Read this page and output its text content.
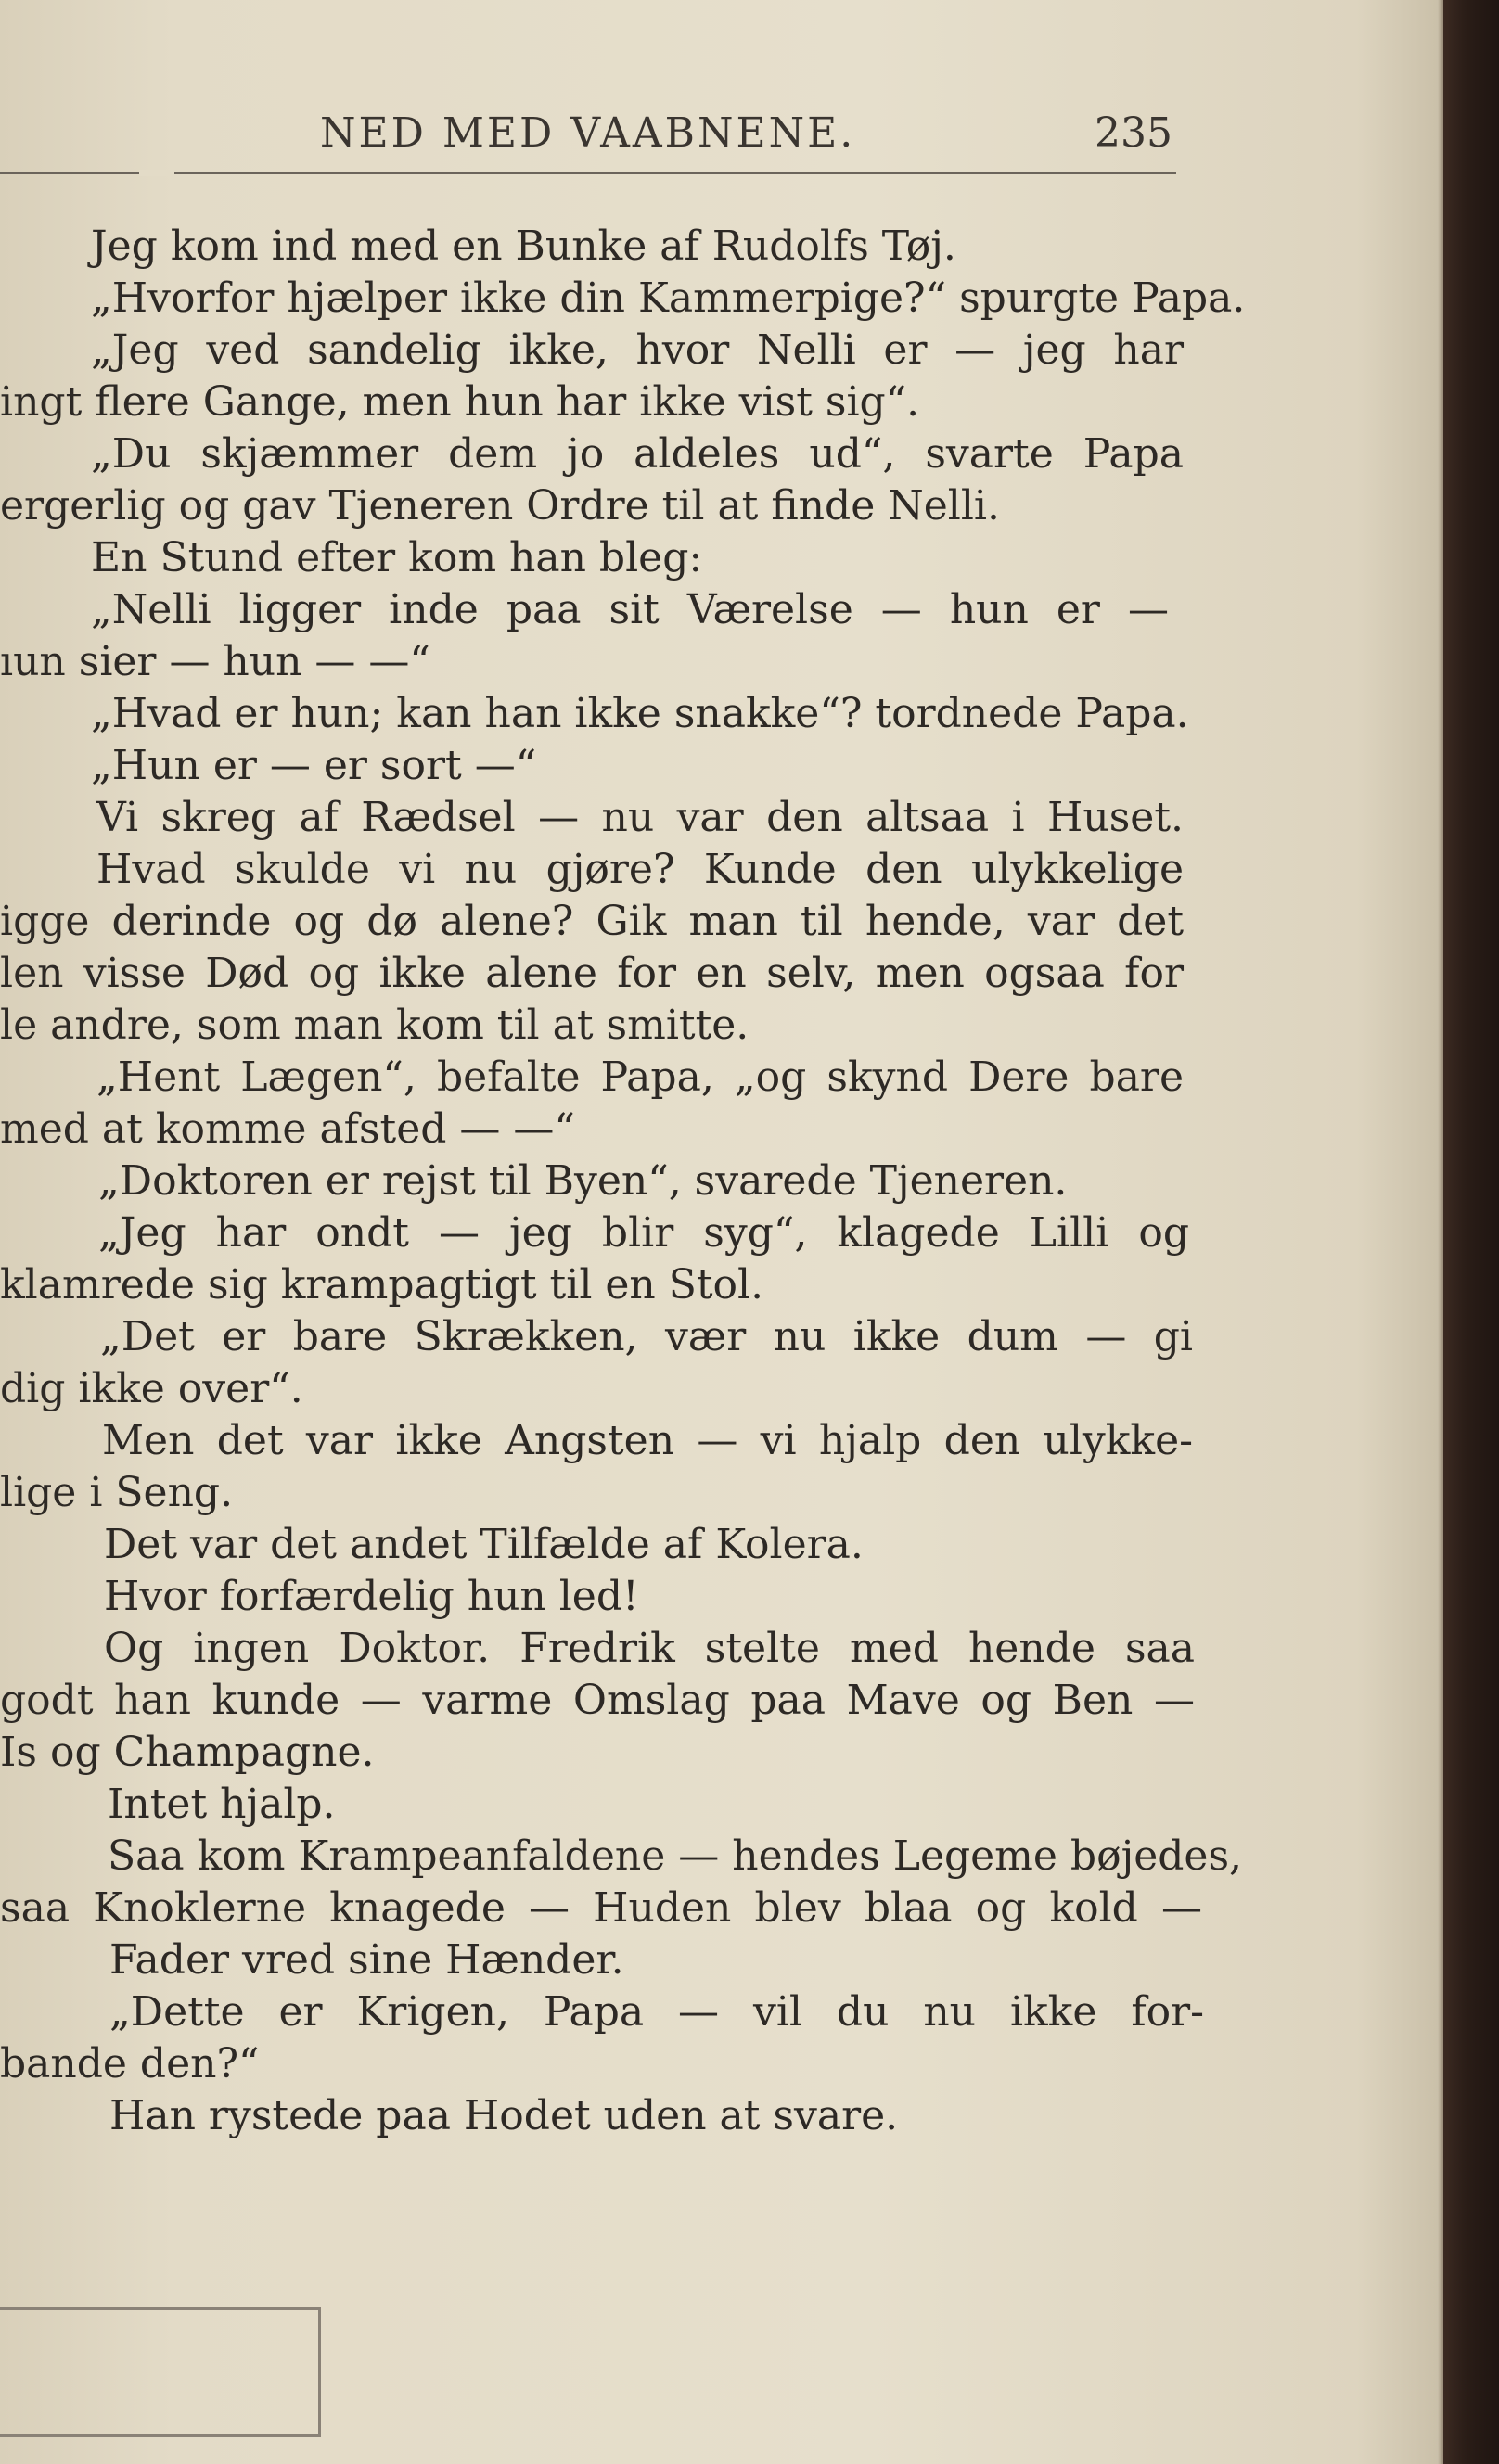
NED MED VAABNENE.	235
Jeg kom ind med en Bunke af Rudolfs Tøj.
„Hvorfor hjælper ikke din Kammerpige?“ spurgte Papa.
„Jeg ved sandelig ikke, hvor Nelli er — jeg har
ingt flere Gange, men hun har ikke vist sig“.
„Du skjæmmer dem jo aldeles ud“, svarte Papa
ergerlig og gav Tjeneren Ordre til at finde Nelli.
En Stund efter kom han bleg:
„Nelli ligger inde paa sit Værelse — hun er —
ıun sier — hun — —“
„Hvad er hun; kan han ikke snakke“? tordnede Papa.
„Hun er — er sort —“
Vi skreg af Rædsel — nu var den altsaa i Huset.
Hvad skulde vi nu gjøre? Kunde den ulykkelige
igge derinde og dø alene? Gik man til hende, var det
len visse Død og ikke alene for en selv, men ogsaa for
le andre, som man kom til at smitte.
„Hent Lægen“, befalte Papa, „og skynd Dere bare
med at komme afsted — —“
„Doktoren er rejst til Byen“, svarede Tjeneren.
„Jeg har ondt — jeg blir syg“, klagede Lilli og
klamrede sig krampagtigt til en Stol.
„Det er bare Skrækken, vær nu ikke dum — gi
dig ikke over“.
Men det var ikke Angsten — vi hjalp den ulykke-
lige i Seng.
Det var det andet Tilfælde af Kolera.
Hvor forfærdelig hun led!
Og ingen Doktor. Fredrik stelte med hende saa
godt han kunde — varme Omslag paa Mave og Ben —
Is og Champagne.
Intet hjalp.
Saa kom Krampeanfaldene — hendes Legeme bøjedes,
saa Knoklerne knagede — Huden blev blaa og kold —
Fader vred sine Hænder.
„Dette er Krigen, Papa — vil du nu ikke for-
bande den?“
Han rystede paa Hodet uden at svare.
